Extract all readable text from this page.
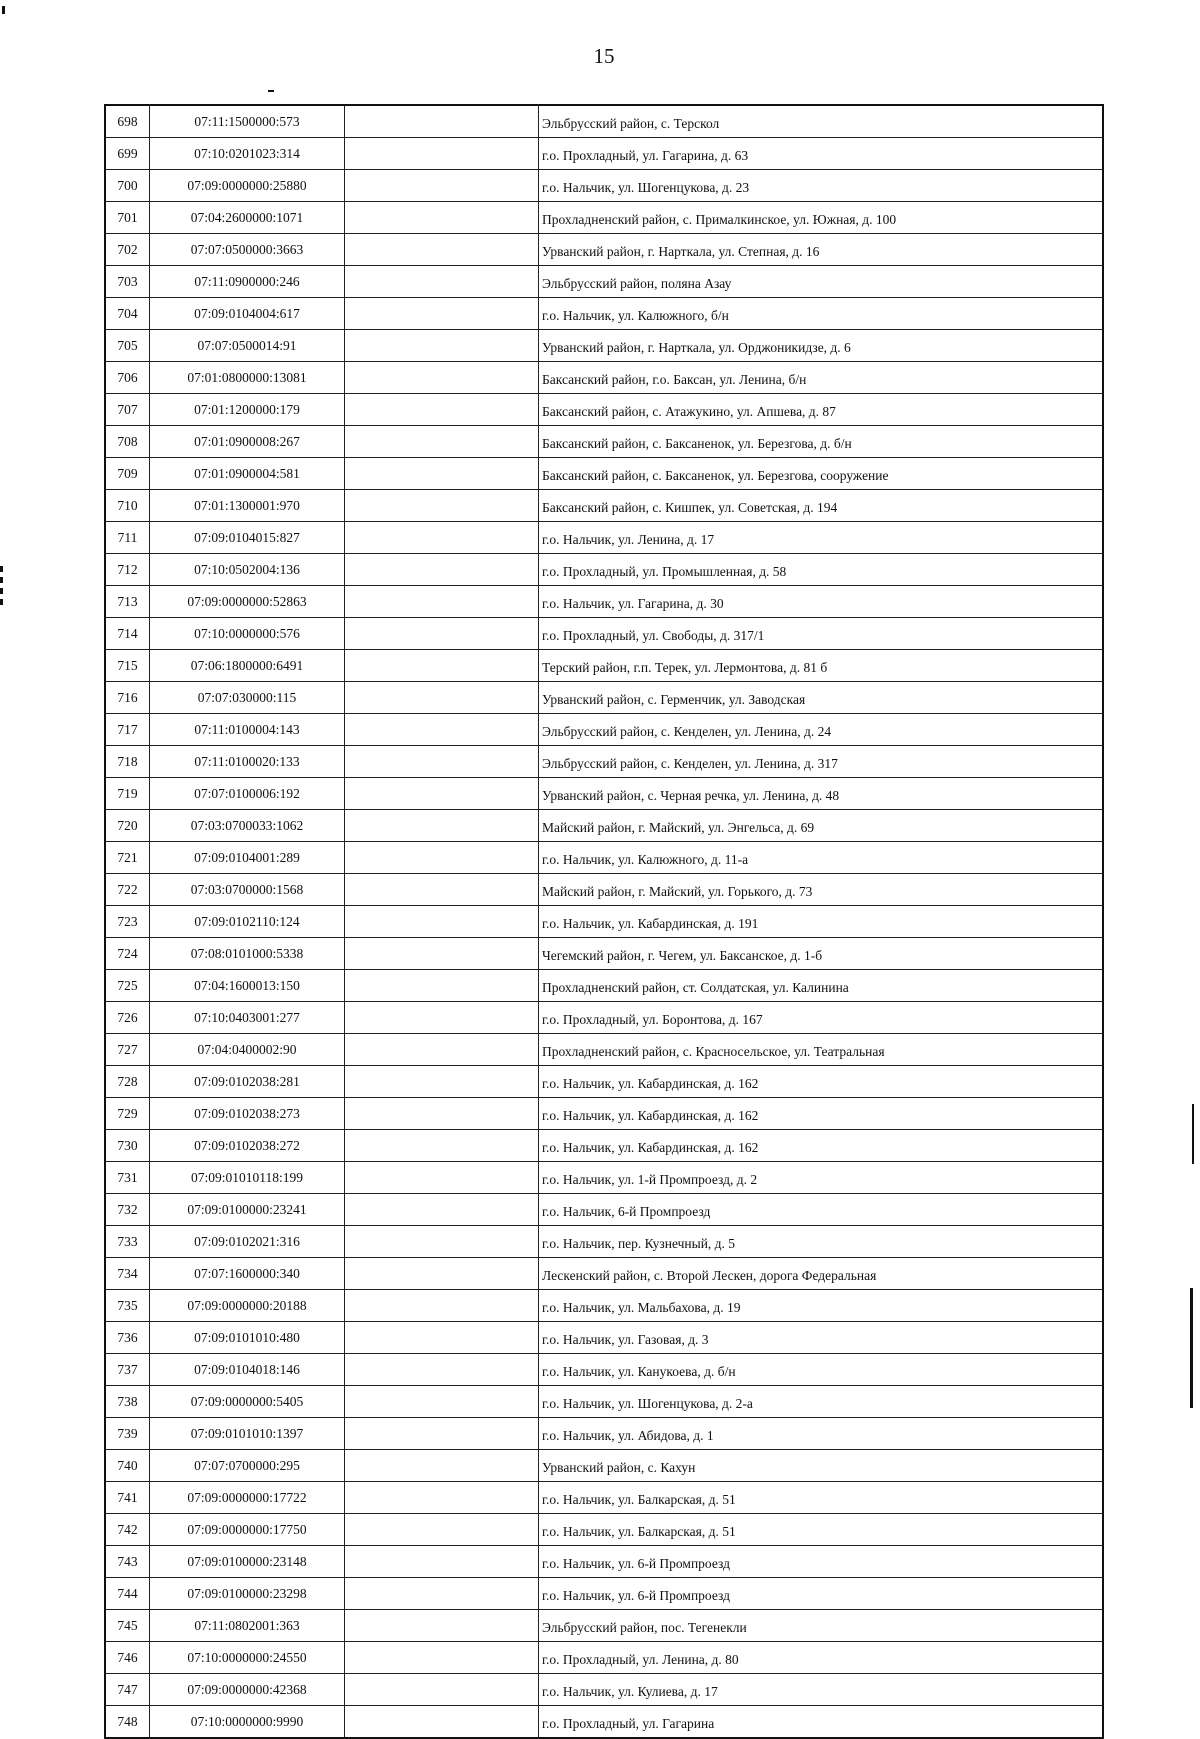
15
698	07:11:1500000:573		Эльбрусский район, с. Терскол
699	07:10:0201023:314		г.о. Прохладный, ул. Гагарина, д. 63
700	07:09:0000000:25880		г.о. Нальчик, ул. Шогенцукова, д. 23
701	07:04:2600000:1071		Прохладненский район, с. Прималкинское, ул. Южная, д. 100
702	07:07:0500000:3663		Урванский район, г. Нарткала, ул. Степная, д. 16
703	07:11:0900000:246		Эльбрусский район, поляна Азау
704	07:09:0104004:617		г.о. Нальчик, ул. Калюжного, б/н
705	07:07:0500014:91		Урванский район, г. Нарткала, ул. Орджоникидзе, д. 6
706	07:01:0800000:13081		Баксанский район, г.о. Баксан, ул. Ленина, б/н
707	07:01:1200000:179		Баксанский район, с. Атажукино, ул. Апшева, д. 87
708	07:01:0900008:267		Баксанский район, с. Баксаненок, ул. Березгова, д. б/н
709	07:01:0900004:581		Баксанский район, с. Баксаненок, ул. Березгова, сооружение
710	07:01:1300001:970		Баксанский район, с. Кишпек, ул. Советская, д. 194
711	07:09:0104015:827		г.о. Нальчик, ул. Ленина, д. 17
712	07:10:0502004:136		г.о. Прохладный, ул. Промышленная, д. 58
713	07:09:0000000:52863		г.о. Нальчик, ул. Гагарина, д. 30
714	07:10:0000000:576		г.о. Прохладный, ул. Свободы, д. 317/1
715	07:06:1800000:6491		Терский район, г.п. Терек, ул. Лермонтова, д. 81 б
716	07:07:030000:115		Урванский район, с. Герменчик, ул. Заводская
717	07:11:0100004:143		Эльбрусский район, с. Кенделен, ул. Ленина, д. 24
718	07:11:0100020:133		Эльбрусский район, с. Кенделен, ул. Ленина, д. 317
719	07:07:0100006:192		Урванский район, с. Черная речка, ул. Ленина, д. 48
720	07:03:0700033:1062		Майский район, г. Майский, ул. Энгельса, д. 69
721	07:09:0104001:289		г.о. Нальчик, ул. Калюжного, д. 11-а
722	07:03:0700000:1568		Майский район, г. Майский, ул. Горького, д. 73
723	07:09:0102110:124		г.о. Нальчик, ул. Кабардинская, д. 191
724	07:08:0101000:5338		Чегемский район, г. Чегем, ул. Баксанское, д. 1-б
725	07:04:1600013:150		Прохладненский район, ст. Солдатская, ул. Калинина
726	07:10:0403001:277		г.о. Прохладный, ул. Боронтова, д. 167
727	07:04:0400002:90		Прохладненский район, с. Красносельское, ул. Театральная
728	07:09:0102038:281		г.о. Нальчик, ул. Кабардинская, д. 162
729	07:09:0102038:273		г.о. Нальчик, ул. Кабардинская, д. 162
730	07:09:0102038:272		г.о. Нальчик, ул. Кабардинская, д. 162
731	07:09:01010118:199		г.о. Нальчик, ул. 1-й Промпроезд, д. 2
732	07:09:0100000:23241		г.о. Нальчик, 6-й Промпроезд
733	07:09:0102021:316		г.о. Нальчик, пер. Кузнечный, д. 5
734	07:07:1600000:340		Лескенский район, с. Второй Лескен, дорога Федеральная
735	07:09:0000000:20188		г.о. Нальчик, ул. Мальбахова, д. 19
736	07:09:0101010:480		г.о. Нальчик, ул. Газовая, д. 3
737	07:09:0104018:146		г.о. Нальчик, ул. Канукоева, д. б/н
738	07:09:0000000:5405		г.о. Нальчик, ул. Шогенцукова, д. 2-а
739	07:09:0101010:1397		г.о. Нальчик, ул. Абидова, д. 1
740	07:07:0700000:295		Урванский район, с. Кахун
741	07:09:0000000:17722		г.о. Нальчик, ул. Балкарская, д. 51
742	07:09:0000000:17750		г.о. Нальчик, ул. Балкарская, д. 51
743	07:09:0100000:23148		г.о. Нальчик, ул. 6-й Промпроезд
744	07:09:0100000:23298		г.о. Нальчик, ул. 6-й Промпроезд
745	07:11:0802001:363		Эльбрусский район, пос. Тегенекли
746	07:10:0000000:24550		г.о. Прохладный, ул. Ленина, д. 80
747	07:09:0000000:42368		г.о. Нальчик, ул. Кулиева, д. 17
748	07:10:0000000:9990		г.о. Прохладный, ул. Гагарина
